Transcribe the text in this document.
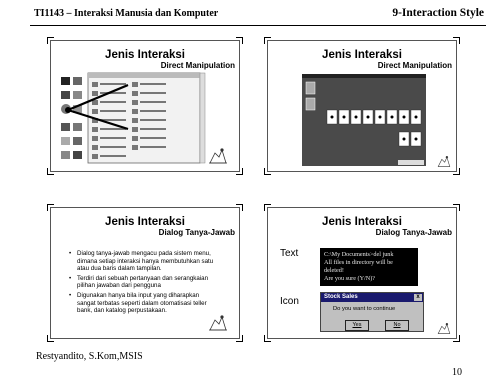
TI1143 – Interaksi Manusia dan Komputer	9-Interaction Style
Jenis Interaksi
Direct Manipulation
Jenis Interaksi
Direct Manipulation
Jenis Interaksi
Dialog Tanya-Jawab
• Dialog tanya-jawab mengacu pada sistem menu, dimana setiap interaksi hanya membutuhkan satu atau dua baris dalam tampilan.
• Terdiri dari sebuah pertanyaan dan serangkaian pilihan jawaban dari pengguna
• Digunakan hanya bila input yang diharapkan sangat terbatas seperti dalam otomatisasi teller bank, dan katalog perpustakaan.
Jenis Interaksi
Dialog Tanya-Jawab
Text
Icon
C:\My Documents>del junk
All files in directory will be deleted!
Are you sure (Y/N)?
Stock Sales	x
Do you want to continue
Yes	No
Restyandito, S.Kom,MSIS
10
